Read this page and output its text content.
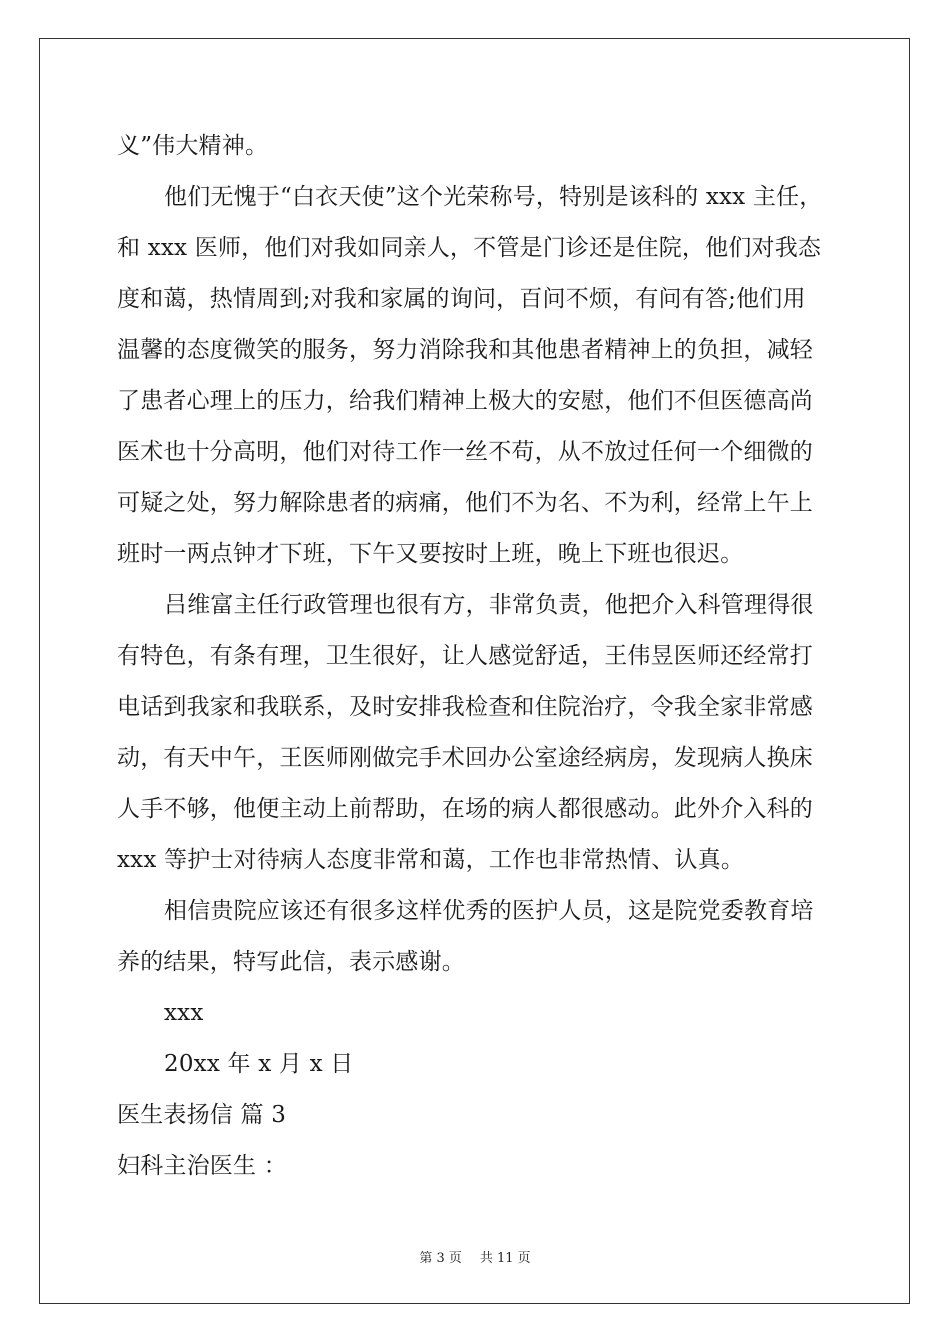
义”伟大精神。
他们无愧于“白衣天使”这个光荣称号，特别是该科的 xxx 主任，
和 xxx 医师，他们对我如同亲人，不管是门诊还是住院，他们对我态
度和蔼，热情周到;对我和家属的询问，百问不烦，有问有答;他们用
温馨的态度微笑的服务，努力消除我和其他患者精神上的负担，减轻
了患者心理上的压力，给我们精神上极大的安慰，他们不但医德高尚
医术也十分高明，他们对待工作一丝不苟，从不放过任何一个细微的
可疑之处，努力解除患者的病痛，他们不为名、不为利，经常上午上
班时一两点钟才下班，下午又要按时上班，晚上下班也很迟。
吕维富主任行政管理也很有方，非常负责，他把介入科管理得很
有特色，有条有理，卫生很好，让人感觉舒适，王伟昱医师还经常打
电话到我家和我联系，及时安排我检查和住院治疗，令我全家非常感
动，有天中午，王医师刚做完手术回办公室途经病房，发现病人换床
人手不够，他便主动上前帮助，在场的病人都很感动。此外介入科的
xxx 等护士对待病人态度非常和蔼，工作也非常热情、认真。
相信贵院应该还有很多这样优秀的医护人员，这是院党委教育培
养的结果，特写此信，表示感谢。
xxx
20xx 年 x 月 x 日
医生表扬信 篇 3
妇科主治医生 ：
第 3 页 共 11 页
